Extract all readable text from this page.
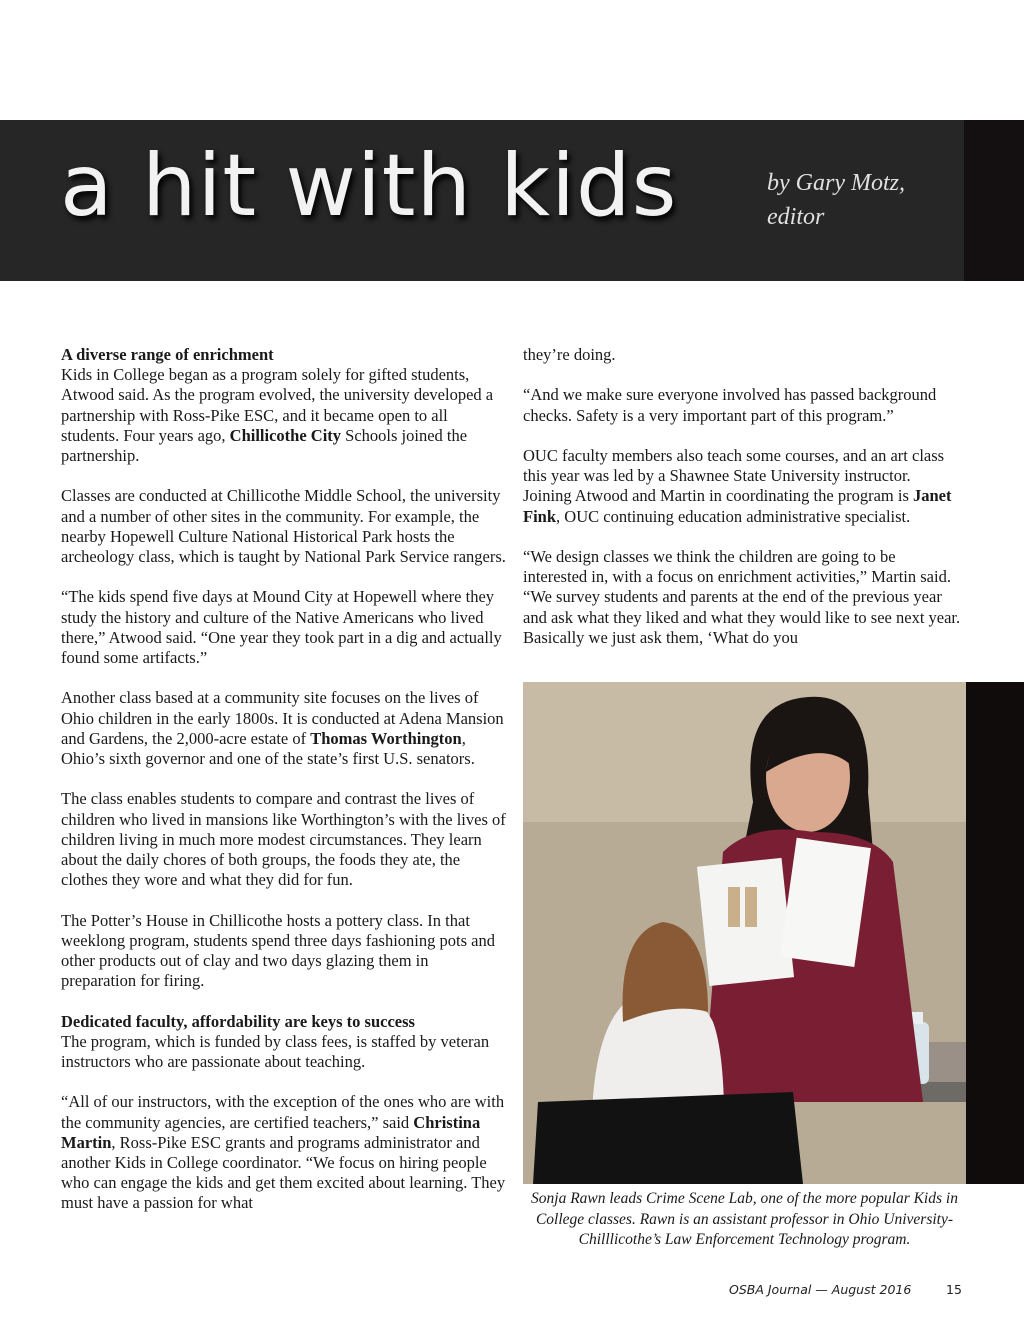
a hit with kids	by Gary Motz,
editor
A diverse range of enrichment

Kids in College began as a program solely for gifted students, Atwood said. As the program evolved, the university developed a partnership with Ross-Pike ESC, and it became open to all students. Four years ago, Chillicothe City Schools joined the partnership.

Classes are conducted at Chillicothe Middle School, the university and a number of other sites in the community. For example, the nearby Hopewell Culture National Historical Park hosts the archeology class, which is taught by National Park Service rangers.

“The kids spend five days at Mound City at Hopewell where they study the history and culture of the Native Americans who lived there,” Atwood said. “One year they took part in a dig and actually found some artifacts.”

Another class based at a community site focuses on the lives of Ohio children in the early 1800s. It is conducted at Adena Mansion and Gardens, the 2,000-acre estate of Thomas Worthington, Ohio’s sixth governor and one of the state’s first U.S. senators.

The class enables students to compare and contrast the lives of children who lived in mansions like Worthington’s with the lives of children living in much more modest circumstances. They learn about the daily chores of both groups, the foods they ate, the clothes they wore and what they did for fun.

The Potter’s House in Chillicothe hosts a pottery class. In that weeklong program, students spend three days fashioning pots and other products out of clay and two days glazing them in preparation for firing.

Dedicated faculty, affordability are keys to success

The program, which is funded by class fees, is staffed by veteran instructors who are passionate about teaching.

“All of our instructors, with the exception of the ones who are with the community agencies, are certified teachers,” said Christina Martin, Ross-Pike ESC grants and programs administrator and another Kids in College coordinator. “We focus on hiring people who can engage the kids and get them excited about learning. They must have a passion for what

they’re doing.

“And we make sure everyone involved has passed background checks. Safety is a very important part of this program.”

OUC faculty members also teach some courses, and an art class this year was led by a Shawnee State University instructor. Joining Atwood and Martin in coordinating the program is Janet Fink, OUC continuing education administrative specialist.

“We design classes we think the children are going to be interested in, with a focus on enrichment activities,” Martin said. “We survey students and parents at the end of the previous year and ask what they liked and what they would like to see next year. Basically we just ask them, ‘What do you

Sonja Rawn leads Crime Scene Lab, one of the more popular Kids in College classes. Rawn is an assistant professor in Ohio University-Chilllicothe’s Law Enforcement Technology program.
OSBA Journal — August 2016	15
